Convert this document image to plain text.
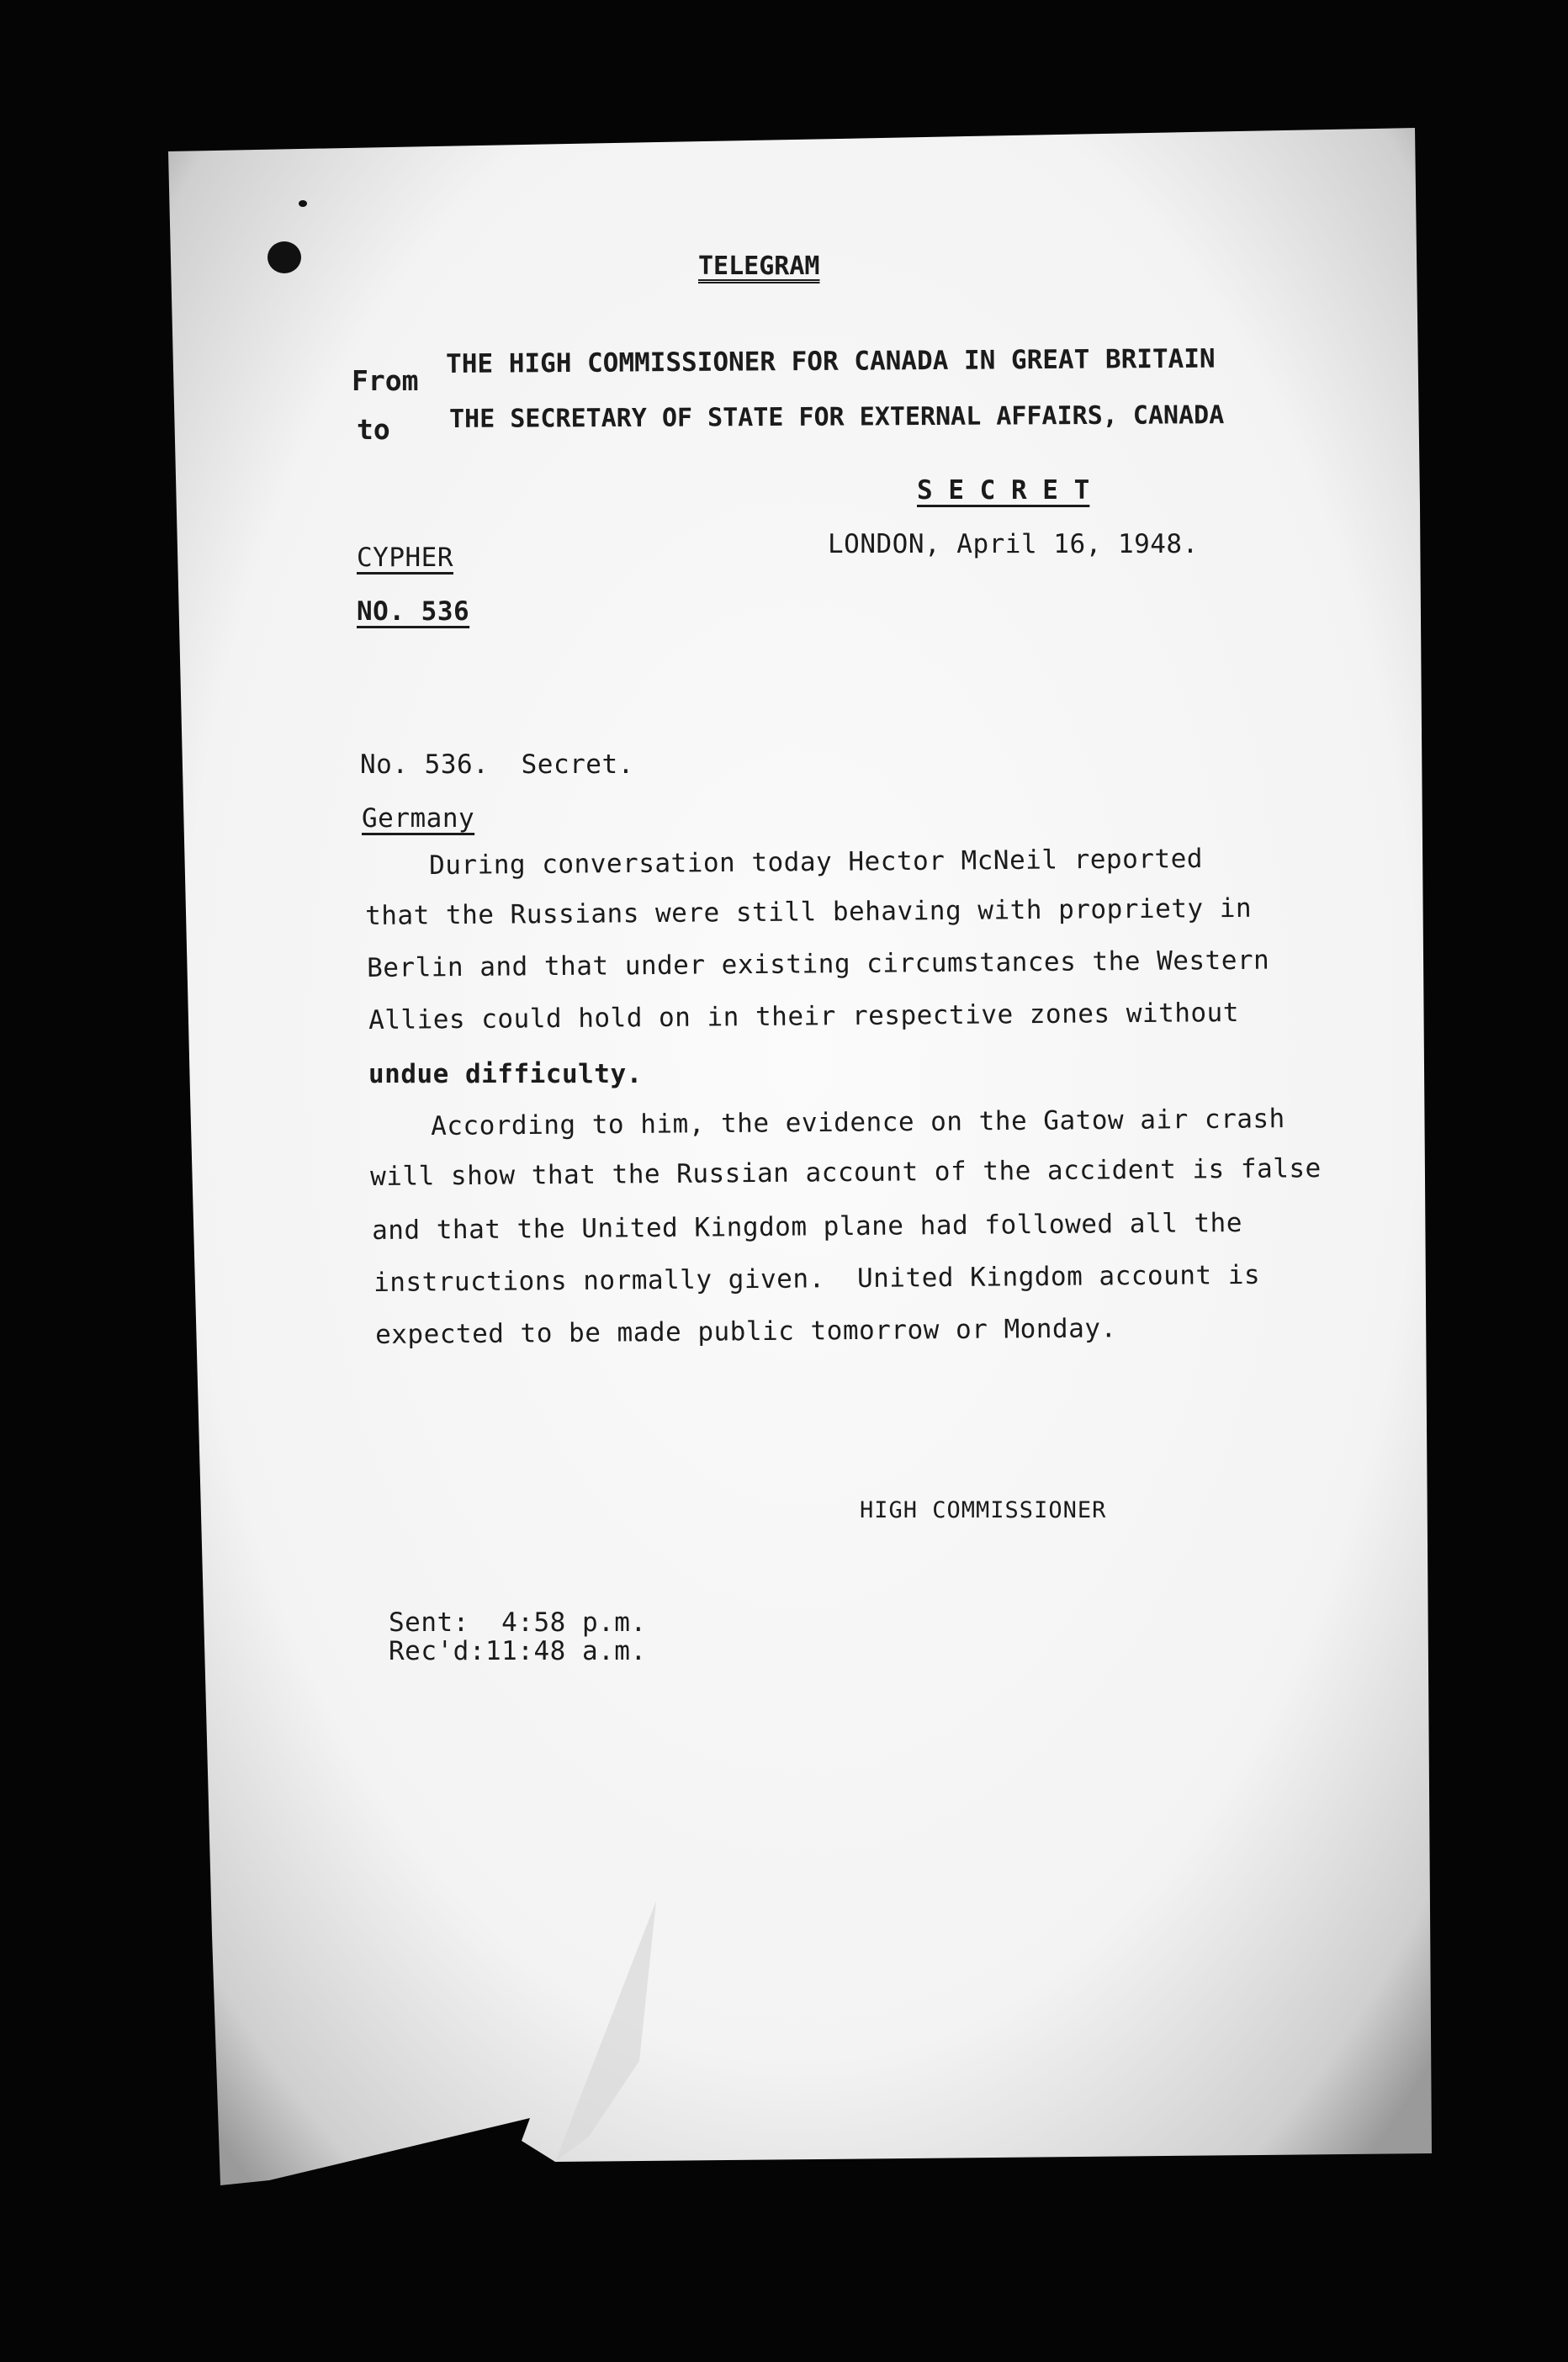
TELEGRAM
From
THE HIGH COMMISSIONER FOR CANADA IN GREAT BRITAIN
to THE SECRETARY OF STATE FOR EXTERNAL AFFAIRS, CANADA
S E C R E T
LONDON, April 16, 1948.
CYPHER
NO. 536
No. 536.  Secret.
Germany
During conversation today Hector McNeil reported
that the Russians were still behaving with propriety in
Berlin and that under existing circumstances the Western
Allies could hold on in their respective zones without
undue difficulty.
According to him, the evidence on the Gatow air crash
will show that the Russian account of the accident is false
and that the United Kingdom plane had followed all the
instructions normally given.  United Kingdom account is
expected to be made public tomorrow or Monday.
HIGH COMMISSIONER
Sent:  4:58 p.m.
Rec'd:11:48 a.m.
